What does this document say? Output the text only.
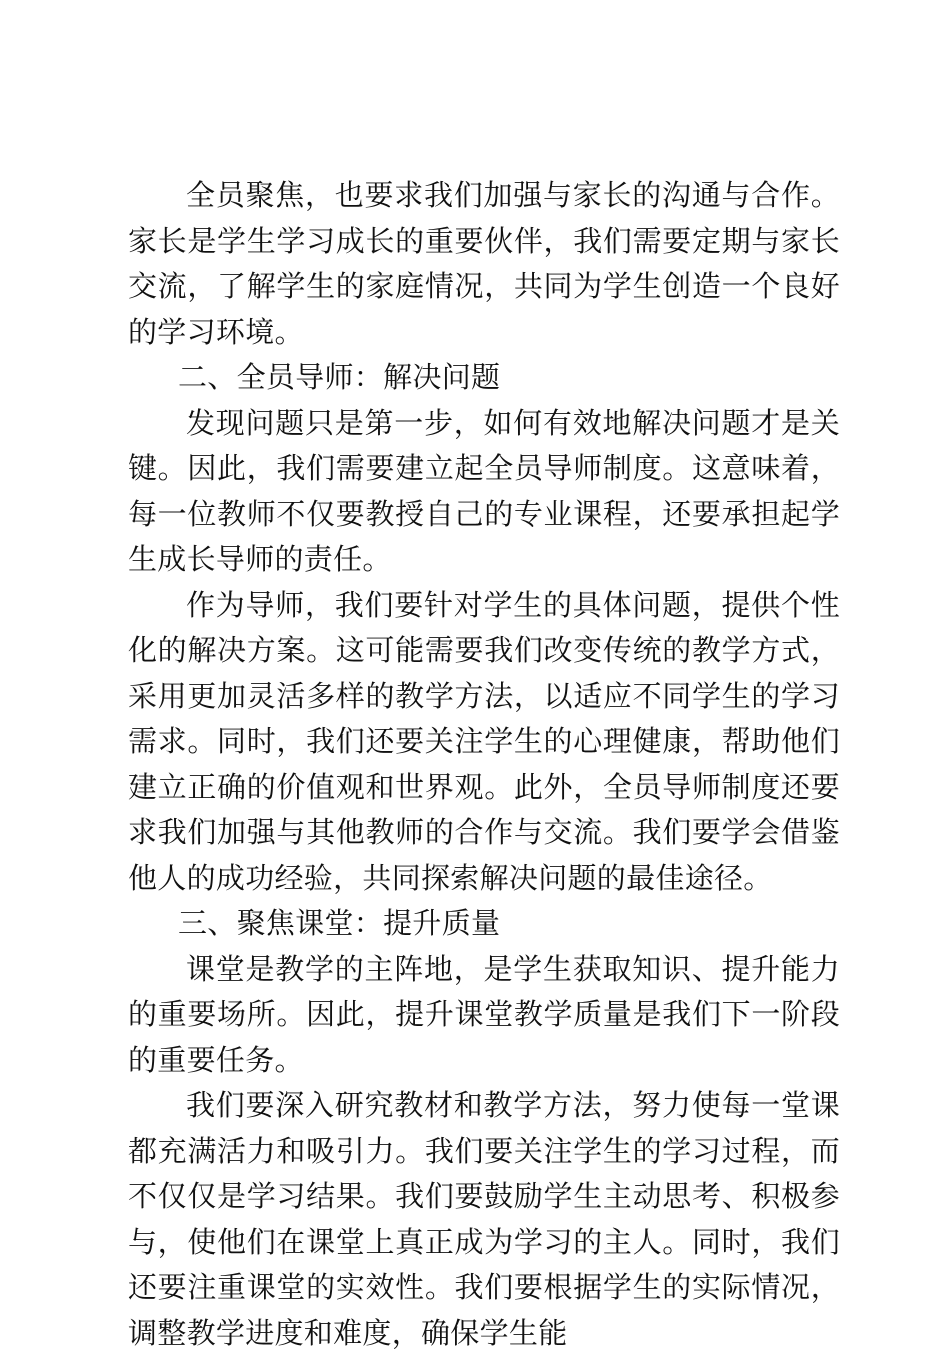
全员聚焦，也要求我们加强与家长的沟通与合作。家长是学生学习成长的重要伙伴，我们需要定期与家长交流，了解学生的家庭情况，共同为学生创造一个良好的学习环境。

二、全员导师：解决问题

发现问题只是第一步，如何有效地解决问题才是关键。因此，我们需要建立起全员导师制度。这意味着，每一位教师不仅要教授自己的专业课程，还要承担起学生成长导师的责任。

作为导师，我们要针对学生的具体问题，提供个性化的解决方案。这可能需要我们改变传统的教学方式，采用更加灵活多样的教学方法，以适应不同学生的学习需求。同时，我们还要关注学生的心理健康，帮助他们建立正确的价值观和世界观。此外，全员导师制度还要求我们加强与其他教师的合作与交流。我们要学会借鉴他人的成功经验，共同探索解决问题的最佳途径。

三、聚焦课堂：提升质量

课堂是教学的主阵地，是学生获取知识、提升能力的重要场所。因此，提升课堂教学质量是我们下一阶段的重要任务。

我们要深入研究教材和教学方法，努力使每一堂课都充满活力和吸引力。我们要关注学生的学习过程，而不仅仅是学习结果。我们要鼓励学生主动思考、积极参与，使他们在课堂上真正成为学习的主人。同时，我们还要注重课堂的实效性。我们要根据学生的实际情况，调整教学进度和难度，确保学生能
